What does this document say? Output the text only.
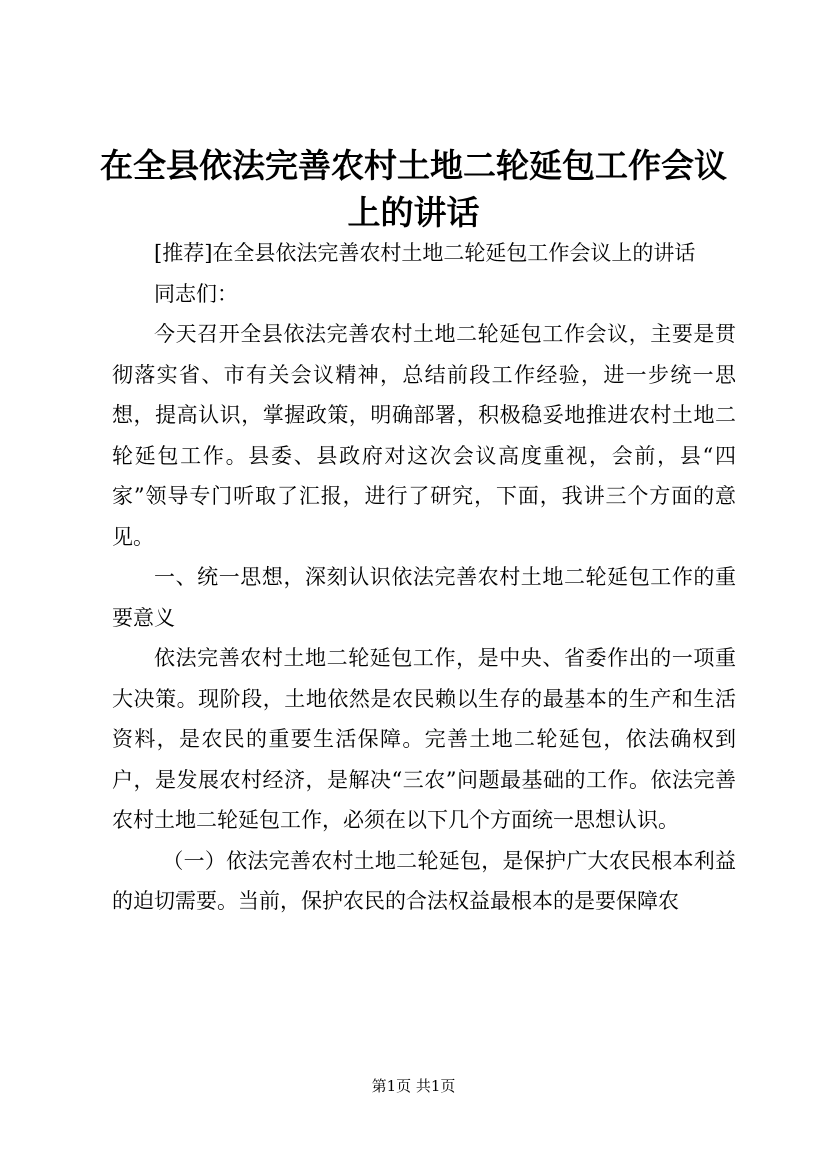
在全县依法完善农村土地二轮延包工作会议上的讲话

[推荐]在全县依法完善农村土地二轮延包工作会议上的讲话

同志们：

今天召开全县依法完善农村土地二轮延包工作会议，主要是贯彻落实省、市有关会议精神，总结前段工作经验，进一步统一思想，提高认识，掌握政策，明确部署，积极稳妥地推进农村土地二轮延包工作。县委、县政府对这次会议高度重视，会前，县“四家”领导专门听取了汇报，进行了研究，下面，我讲三个方面的意见。

一、统一思想，深刻认识依法完善农村土地二轮延包工作的重要意义

依法完善农村土地二轮延包工作，是中央、省委作出的一项重大决策。现阶段，土地依然是农民赖以生存的最基本的生产和生活资料，是农民的重要生活保障。完善土地二轮延包，依法确权到户，是发展农村经济，是解决“三农”问题最基础的工作。依法完善农村土地二轮延包工作，必须在以下几个方面统一思想认识。

（一）依法完善农村土地二轮延包，是保护广大农民根本利益的迫切需要。当前，保护农民的合法权益最根本的是要保障农

第1页 共1页
